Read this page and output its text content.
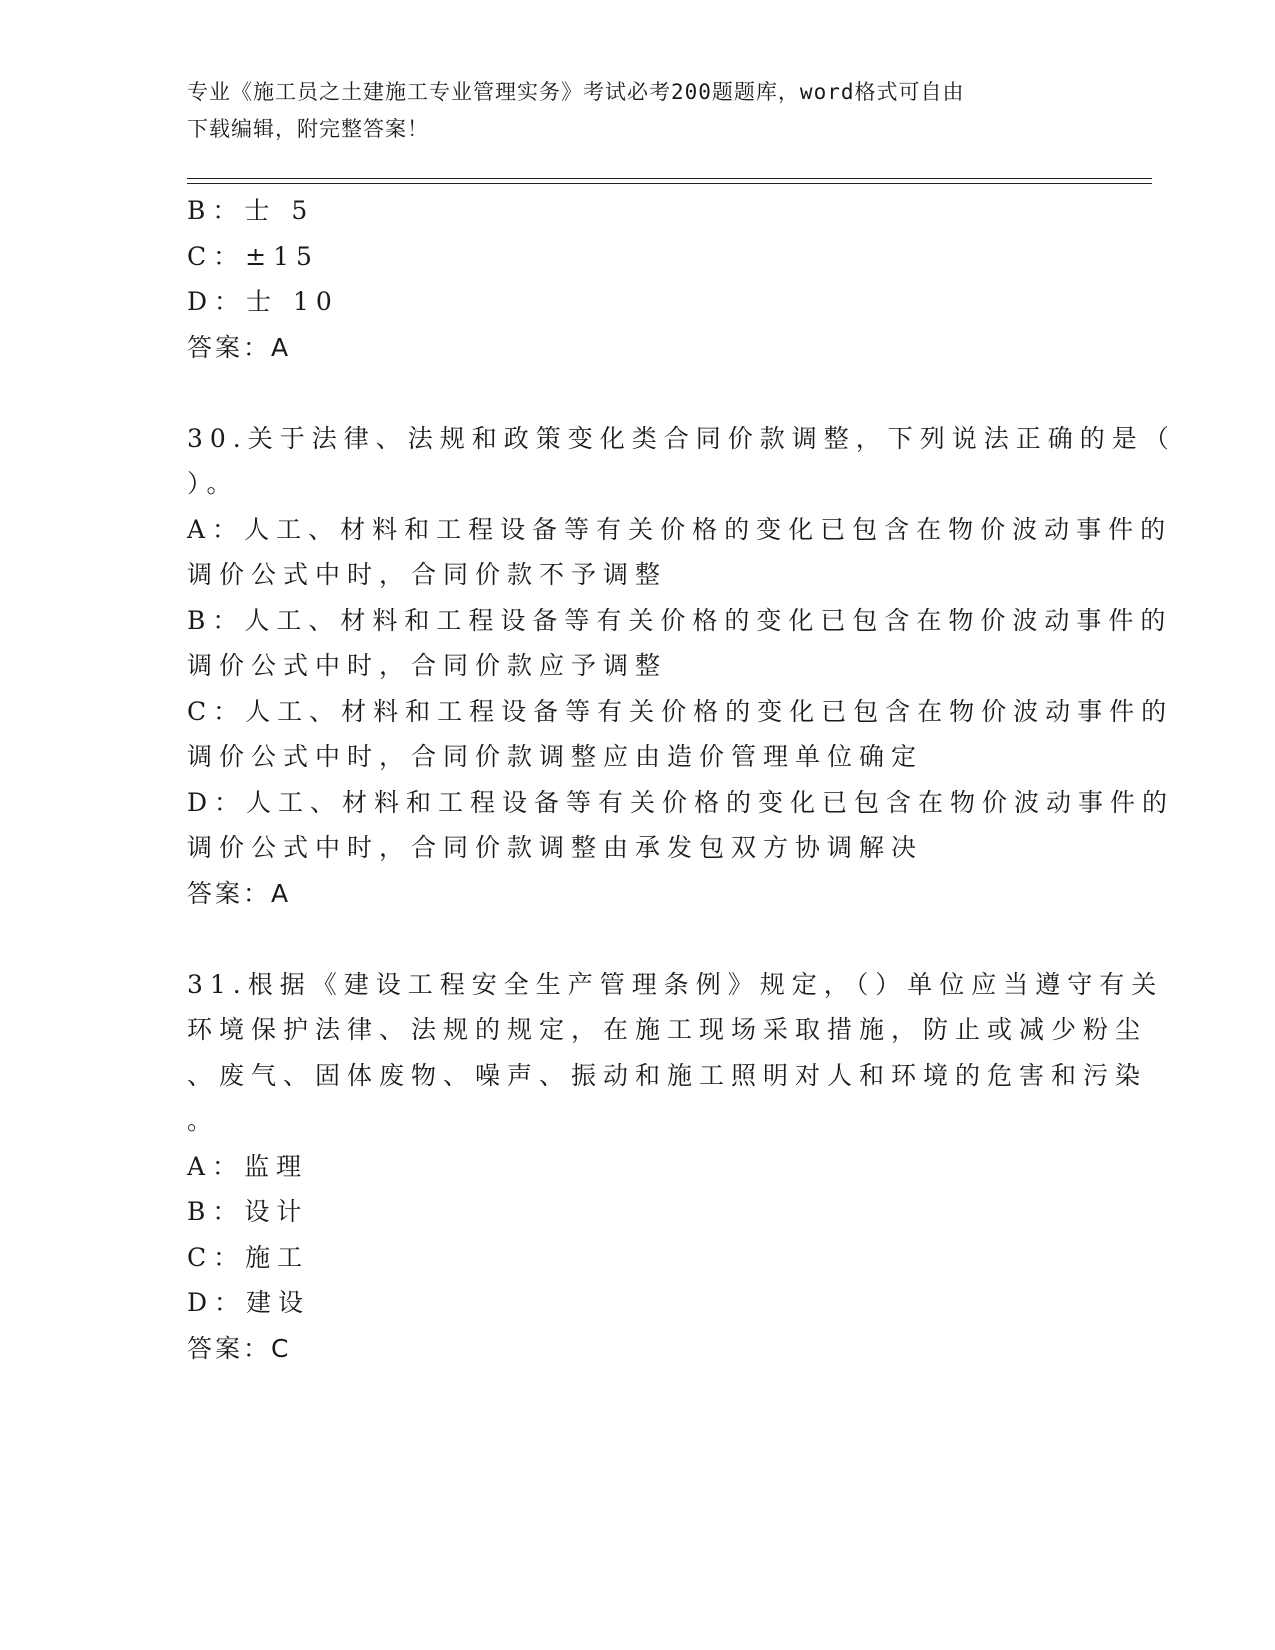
专业《施工员之土建施工专业管理实务》考试必考200题题库，word格式可自由
下载编辑，附完整答案！
B：士 5
C：±15
D：士 10
答案：A
30.关于法律、法规和政策变化类合同价款调整，下列说法正确的是（
）。
A：人工、材料和工程设备等有关价格的变化已包含在物价波动事件的
调价公式中时，合同价款不予调整
B：人工、材料和工程设备等有关价格的变化已包含在物价波动事件的
调价公式中时，合同价款应予调整
C：人工、材料和工程设备等有关价格的变化已包含在物价波动事件的
调价公式中时，合同价款调整应由造价管理单位确定
D：人工、材料和工程设备等有关价格的变化已包含在物价波动事件的
调价公式中时，合同价款调整由承发包双方协调解决
答案：A
31.根据《建设工程安全生产管理条例》规定，（）单位应当遵守有关
环境保护法律、法规的规定，在施工现场采取措施，防止或减少粉尘
、废气、固体废物、噪声、振动和施工照明对人和环境的危害和污染
。
A：监理
B：设计
C：施工
D：建设
答案：C
